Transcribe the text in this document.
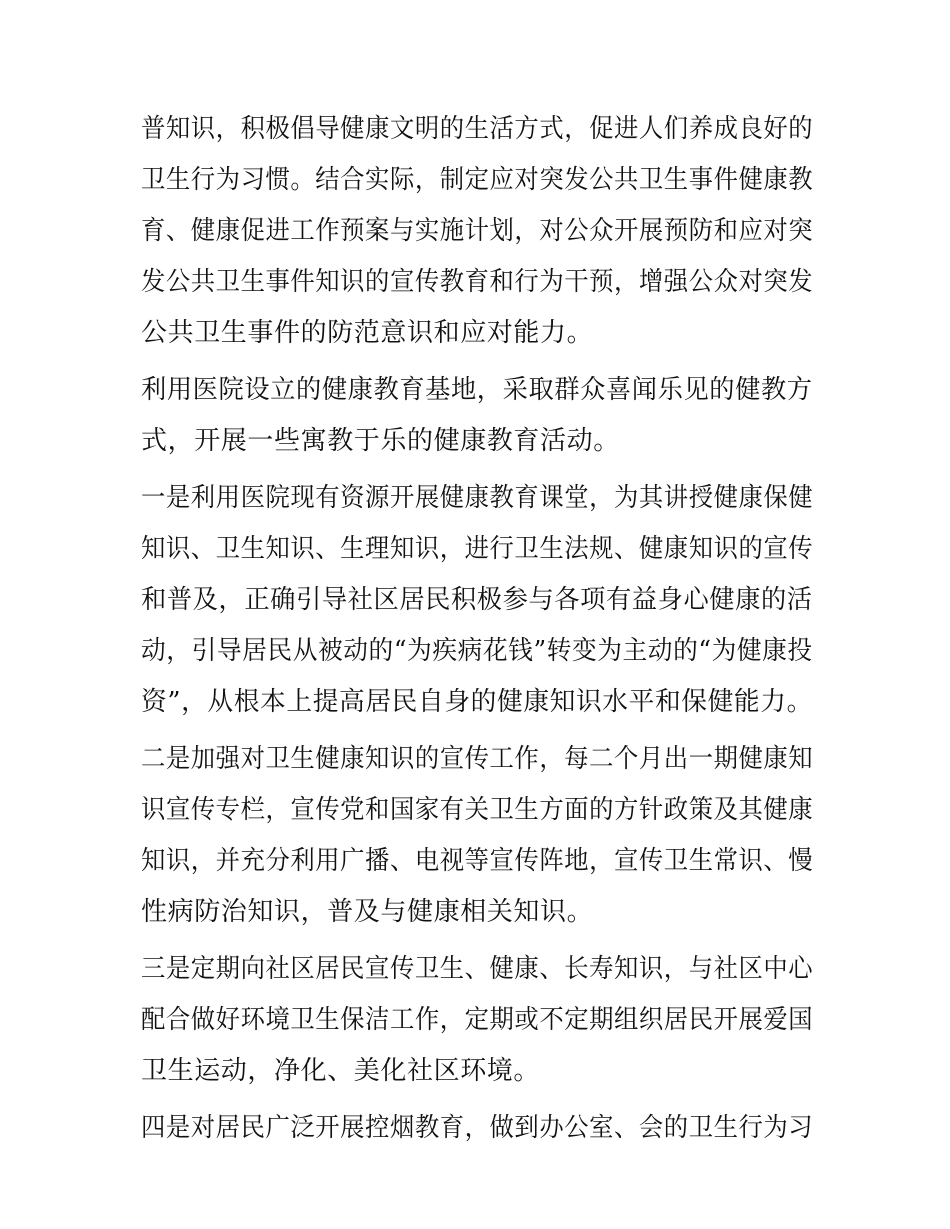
普知识，积极倡导健康文明的生活方式，促进人们养成良好的
卫生行为习惯。结合实际，制定应对突发公共卫生事件健康教
育、健康促进工作预案与实施计划，对公众开展预防和应对突
发公共卫生事件知识的宣传教育和行为干预，增强公众对突发
公共卫生事件的防范意识和应对能力。
利用医院设立的健康教育基地，采取群众喜闻乐见的健教方
式，开展一些寓教于乐的健康教育活动。
一是利用医院现有资源开展健康教育课堂，为其讲授健康保健
知识、卫生知识、生理知识，进行卫生法规、健康知识的宣传
和普及，正确引导社区居民积极参与各项有益身心健康的活
动，引导居民从被动的“为疾病花钱”转变为主动的“为健康投
资”，从根本上提高居民自身的健康知识水平和保健能力。
二是加强对卫生健康知识的宣传工作，每二个月出一期健康知
识宣传专栏，宣传党和国家有关卫生方面的方针政策及其健康
知识，并充分利用广播、电视等宣传阵地，宣传卫生常识、慢
性病防治知识，普及与健康相关知识。
三是定期向社区居民宣传卫生、健康、长寿知识，与社区中心
配合做好环境卫生保洁工作，定期或不定期组织居民开展爱国
卫生运动，净化、美化社区环境。
四是对居民广泛开展控烟教育，做到办公室、会的卫生行为习
